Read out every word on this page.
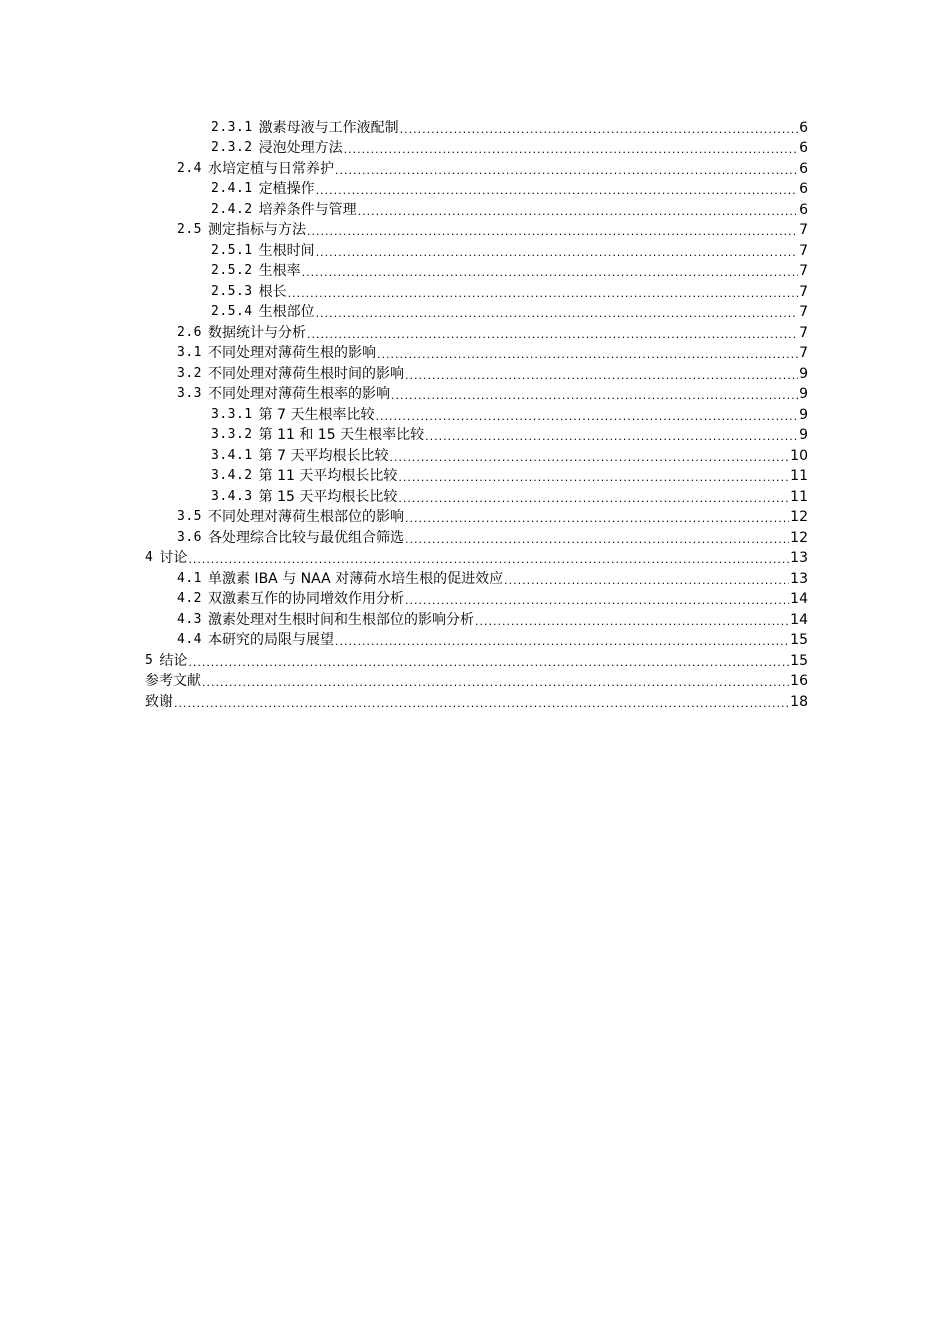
2.3.1 激素母液与工作液配制 .....	6
2.3.2 浸泡处理方法 .....	6
2.4 水培定植与日常养护 .....	6
2.4.1 定植操作 .....	6
2.4.2 培养条件与管理 .....	6
2.5 测定指标与方法 .....	7
2.5.1 生根时间 .....	7
2.5.2 生根率 .....	7
2.5.3 根长 .....	7
2.5.4 生根部位 .....	7
2.6 数据统计与分析 .....	7
3.1 不同处理对薄荷生根的影响 .....	7
3.2 不同处理对薄荷生根时间的影响 .....	9
3.3 不同处理对薄荷生根率的影响 .....	9
3.3.1 第 7 天生根率比较 .....	9
3.3.2 第 11 和 15 天生根率比较 .....	9
3.4.1 第 7 天平均根长比较 .....	10
3.4.2 第 11 天平均根长比较 .....	11
3.4.3 第 15 天平均根长比较 .....	11
3.5 不同处理对薄荷生根部位的影响 .....	12
3.6 各处理综合比较与最优组合筛选 .....	12
4 讨论 .....	13
4.1 单激素 IBA 与 NAA 对薄荷水培生根的促进效应 .....	13
4.2 双激素互作的协同增效作用分析 .....	14
4.3 激素处理对生根时间和生根部位的影响分析 .....	14
4.4 本研究的局限与展望 .....	15
5 结论 .....	15
参考文献 .....	16
致谢 .....	18
